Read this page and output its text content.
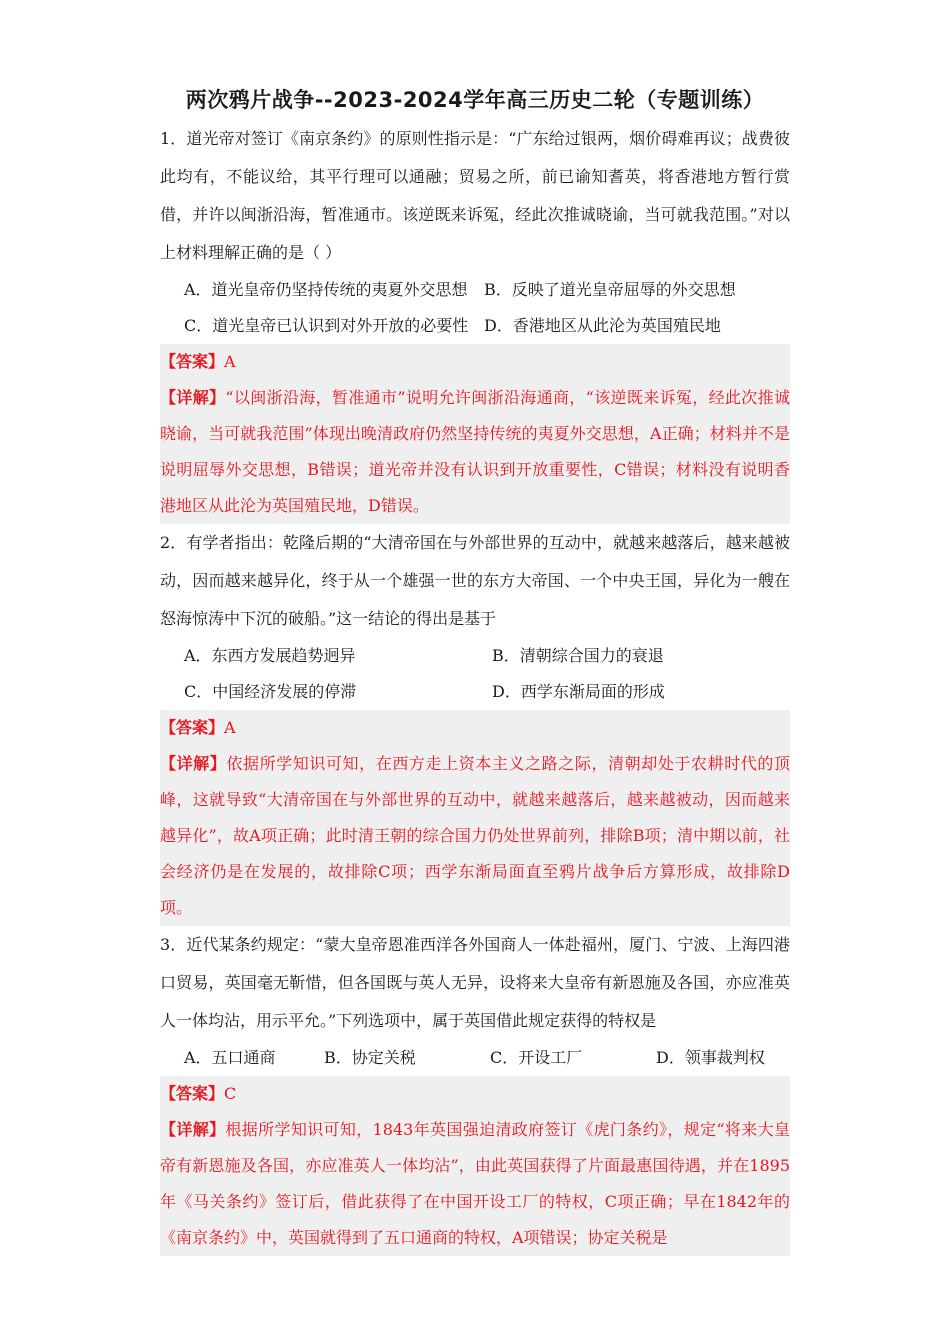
两次鸦片战争--2023-2024学年高三历史二轮（专题训练）

1．道光帝对签订《南京条约》的原则性指示是：“广东给过银两，烟价碍难再议；战费彼此均有，不能议给，其平行理可以通融；贸易之所，前已谕知耆英，将香港地方暂行赏借，并许以闽浙沿海，暂准通市。该逆既来诉冤，经此次推诚晓谕，当可就我范围。”对以上材料理解正确的是（ ）

A．道光皇帝仍坚持传统的夷夏外交思想	B．反映了道光皇帝屈辱的外交思想
C．道光皇帝已认识到对外开放的必要性 D．香港地区从此沦为英国殖民地

【答案】A

【详解】“以闽浙沿海，暂准通市”说明允许闽浙沿海通商，“该逆既来诉冤，经此次推诚晓谕，当可就我范围”体现出晚清政府仍然坚持传统的夷夏外交思想，A正确；材料并不是说明屈辱外交思想，B错误；道光帝并没有认识到开放重要性，C错误；材料没有说明香港地区从此沦为英国殖民地，D错误。

2．有学者指出：乾隆后期的“大清帝国在与外部世界的互动中，就越来越落后，越来越被动，因而越来越异化，终于从一个雄强一世的东方大帝国、一个中央王国，异化为一艘在怒海惊涛中下沉的破船。”这一结论的得出是基于

A．东西方发展趋势迥异	B．清朝综合国力的衰退
C．中国经济发展的停滞	D．西学东渐局面的形成

【答案】A

【详解】依据所学知识可知，在西方走上资本主义之路之际，清朝却处于农耕时代的顶峰，这就导致“大清帝国在与外部世界的互动中，就越来越落后，越来越被动，因而越来越异化”，故A项正确；此时清王朝的综合国力仍处世界前列，排除B项；清中期以前，社会经济仍是在发展的，故排除C项；西学东渐局面直至鸦片战争后方算形成，故排除D项。

3．近代某条约规定：“蒙大皇帝恩准西洋各外国商人一体赴福州，厦门、宁波、上海四港口贸易，英国毫无靳惜，但各国既与英人无异，设将来大皇帝有新恩施及各国，亦应准英人一体均沾，用示平允。”下列选项中，属于英国借此规定获得的特权是

A．五口通商	B．协定关税	C．开设工厂	D．领事裁判权

【答案】C

【详解】根据所学知识可知，1843年英国强迫清政府签订《虎门条约》，规定“将来大皇帝有新恩施及各国，亦应准英人一体均沾”，由此英国获得了片面最惠国待遇，并在1895年《马关条约》签订后，借此获得了在中国开设工厂的特权，C项正确；早在1842年的《南京条约》中，英国就得到了五口通商的特权，A项错误；协定关税是
